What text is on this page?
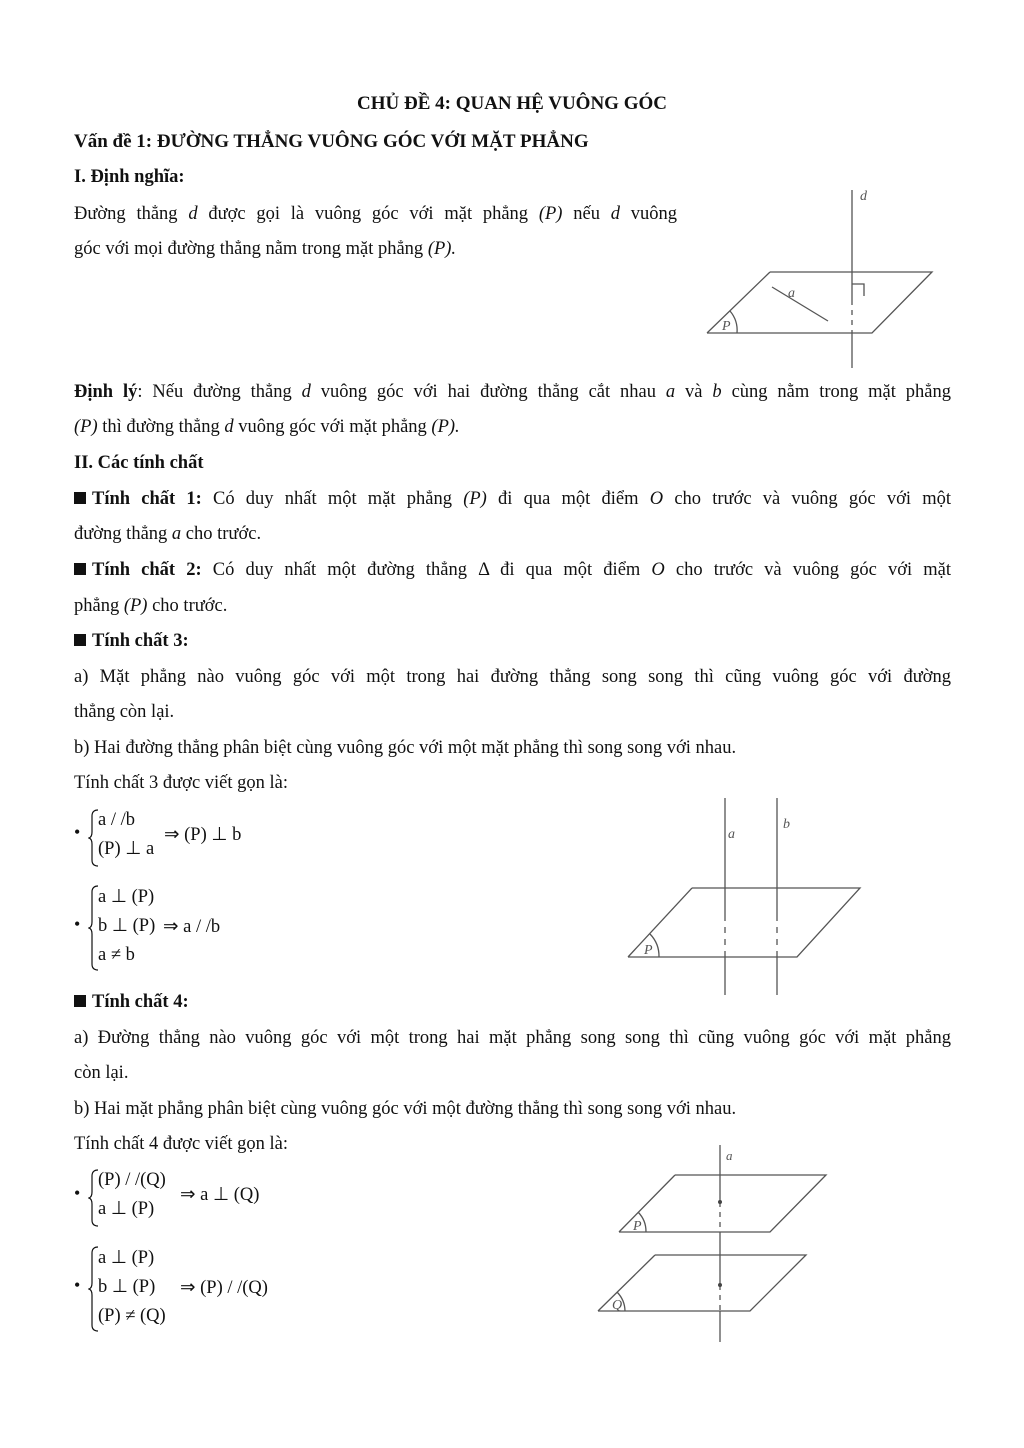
CHỦ ĐỀ 4: QUAN HỆ VUÔNG GÓC
Vấn đề 1: ĐƯỜNG THẲNG VUÔNG GÓC VỚI MẶT PHẲNG
I. Định nghĩa:
Đường thẳng d được gọi là vuông góc với mặt phẳng (P) nếu d vuông
góc với mọi đường thẳng nằm trong mặt phẳng (P).
d
a
P
Định lý: Nếu đường thẳng d vuông góc với hai đường thẳng cắt nhau a và b cùng nằm trong mặt phẳng
(P) thì đường thẳng d vuông góc với mặt phẳng (P).
II. Các tính chất
Tính chất 1: Có duy nhất một mặt phẳng (P) đi qua một điểm O cho trước và vuông góc với một
đường thẳng a cho trước.
Tính chất 2: Có duy nhất một đường thẳng Δ đi qua một điểm O cho trước và vuông góc với mặt
phẳng (P) cho trước.
Tính chất 3:
a) Mặt phẳng nào vuông góc với một trong hai đường thẳng song song thì cũng vuông góc với đường
thẳng còn lại.
b) Hai đường thẳng phân biệt cùng vuông góc với một mặt phẳng thì song song với nhau.
Tính chất 3 được viết gọn là:
•
a / /b
(P) ⊥ a
⇒ (P) ⊥ b
•
a ⊥ (P)
b ⊥ (P)
a ≠ b
⇒ a / /b
a
b
P
Tính chất 4:
a) Đường thẳng nào vuông góc với một trong hai mặt phẳng song song thì cũng vuông góc với mặt phẳng
còn lại.
b) Hai mặt phẳng phân biệt cùng vuông góc với một đường thẳng thì song song với nhau.
Tính chất 4 được viết gọn là:
•
(P) / /(Q)
a ⊥ (P)
⇒ a ⊥ (Q)
•
a ⊥ (P)
b ⊥ (P)
(P) ≠ (Q)
⇒ (P) / /(Q)
a
P
Q
